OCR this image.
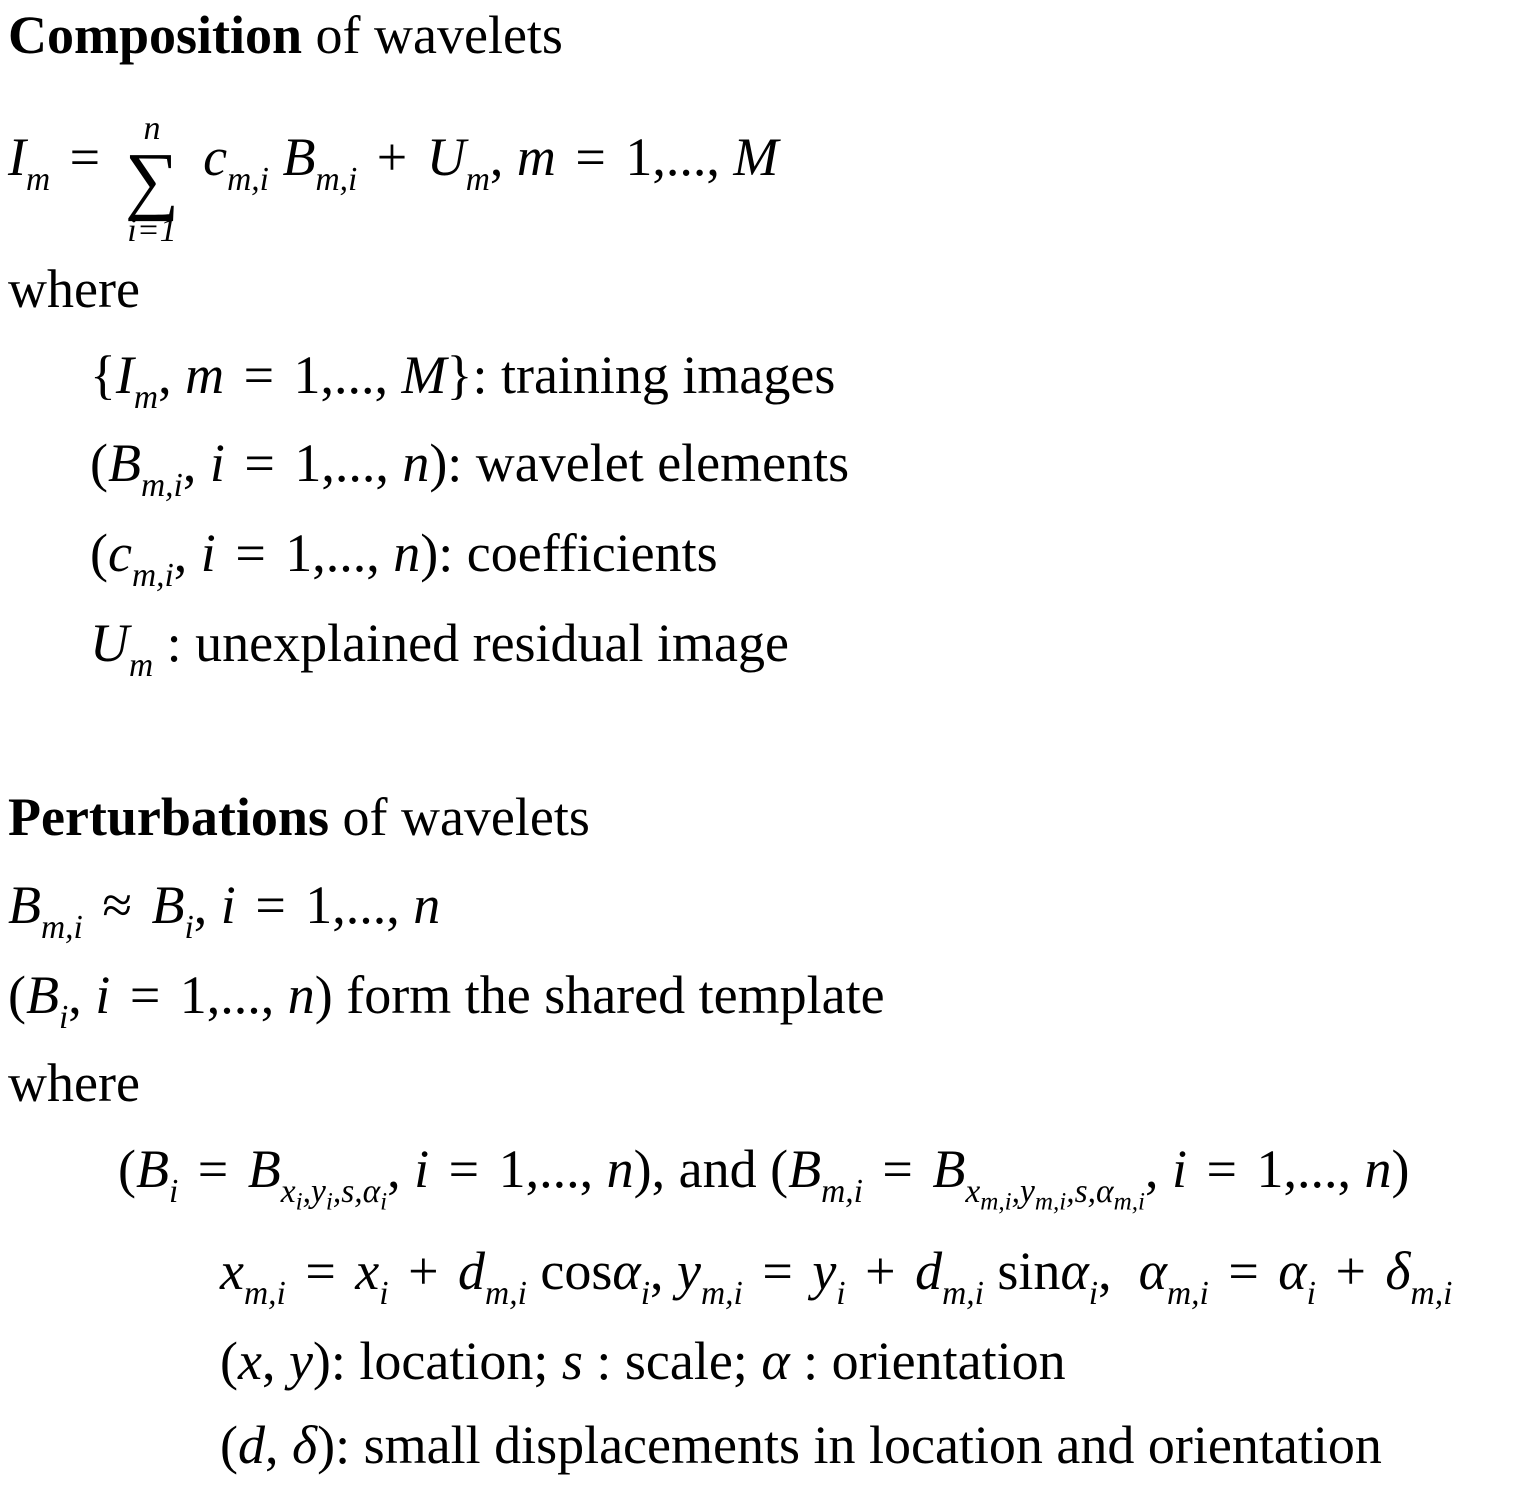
Composition of wavelets
$I_m = c_{m,i}$ $B_{m,i} + U_m$, m = 1,..., M
n
∑
i=1
where
{$I_m$, m = 1,..., M}: training images
($B_{m,i}$, i = 1,..., n): wavelet elements
($c_{m,i}$, i = 1,..., n): coefficients
$U_m$ : unexplained residual image
Perturbations of wavelets
$B_{m,i} \approx B_i$, i = 1,..., n
($B_i$, i = 1,..., n) form the shared template
where
($B_i = B_{x_i,y_i,s,\alpha_i}$, i = 1,..., n), and ($B_{m,i} = B_{x_{m,i},y_{m,i},s,\alpha_{m,i}}$, i = 1,..., n)
$x_{m,i} = x_i + d_{m,i}$ cosα$_i$, $y_{m,i} = y_i + d_{m,i}$ sinα$_i$,  $\alpha_{m,i} = \alpha_i + \delta_{m,i}$
(x, y): location; s : scale; α : orientation
(d, δ): small displacements in location and orientation
